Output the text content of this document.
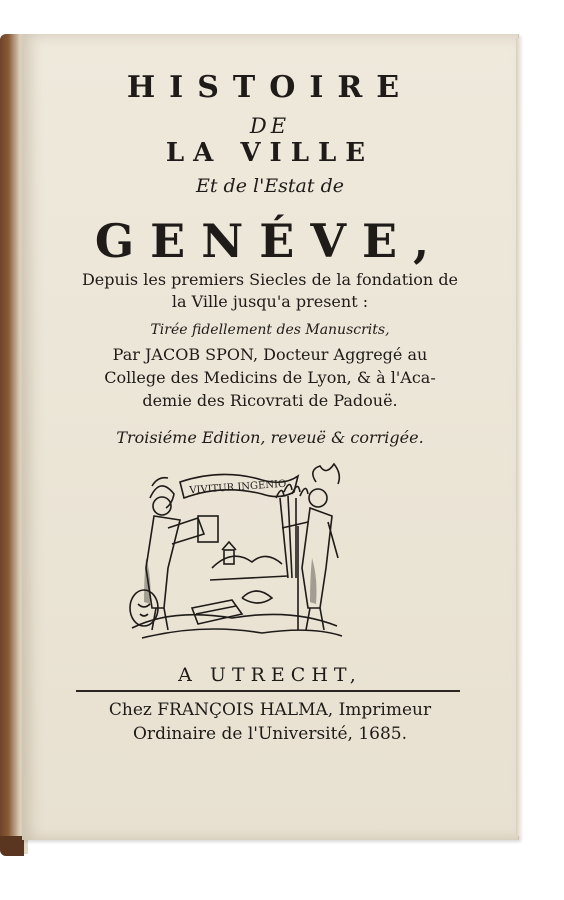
HISTOIRE
DE
LA VILLE
Et de l'Estat de
GENÉVE,
Depuis les premiers Siecles de la fondation de
la Ville jusqu'a present :
Tirée fidellement des Manuscrits,
Par JACOB SPON, Docteur Aggregé au
College des Medicins de Lyon, & à l'Aca-
demie des Ricovrati de Padouë.
Troisiéme Edition, reveuë & corrigée.
VIVITUR INGENIO
A UTRECHT,
Chez FRANÇOIS HALMA, Imprimeur
Ordinaire de l'Université, 1685.
